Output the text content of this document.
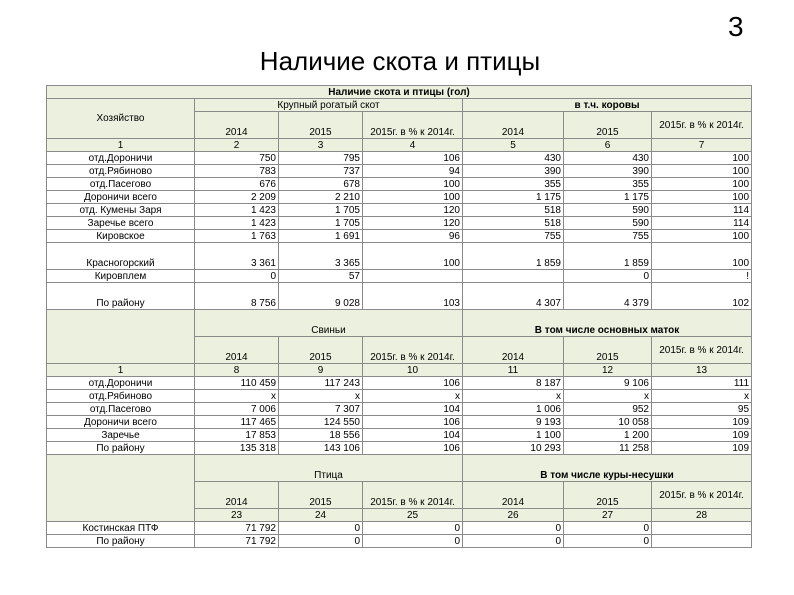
3
Наличие скота и птицы
Наличие скота и птицы (гол)						
Хозяйство	Крупный рогатый скот			в т.ч. коровы		
	2014	2015	2015г. в % к 2014г.	2014	2015	2015г. в % к 2014г.
1	2	3	4	5	6	7
отд.Дороничи	750	795	106	430	430	100
отд.Рябиново	783	737	94	390	390	100
отд.Пасегово	676	678	100	355	355	100
Дороничи всего	2 209	2 210	100	1 175	1 175	100
отд. Кумены Заря	1 423	1 705	120	518	590	114
Заречье всего	1 423	1 705	120	518	590	114
Кировское	1 763	1 691	96	755	755	100
Красногорский	3 361	3 365	100	1 859	1 859	100
Кировплем	0	57			0	!
По району	8 756	9 028	103	4 307	4 379	102
	Свиньи			В том числе основных маток		
	2014	2015	2015г. в % к 2014г.	2014	2015	2015г. в % к 2014г.
1	8	9	10	11	12	13
отд.Дороничи	110 459	117 243	106	8 187	9 106	111
отд.Рябиново	х	х	х	х	х	х
отд.Пасегово	7 006	7 307	104	1 006	952	95
Дороничи всего	117 465	124 550	106	9 193	10 058	109
Заречье	17 853	18 556	104	1 100	1 200	109
По району	135 318	143 106	106	10 293	11 258	109
	Птица			В том числе куры-несушки		
	2014	2015	2015г. в % к 2014г.	2014	2015	2015г. в % к 2014г.
	23	24	25	26	27	28
Костинская ПТФ	71 792	0	0	0	0	
По району	71 792	0	0	0	0	
